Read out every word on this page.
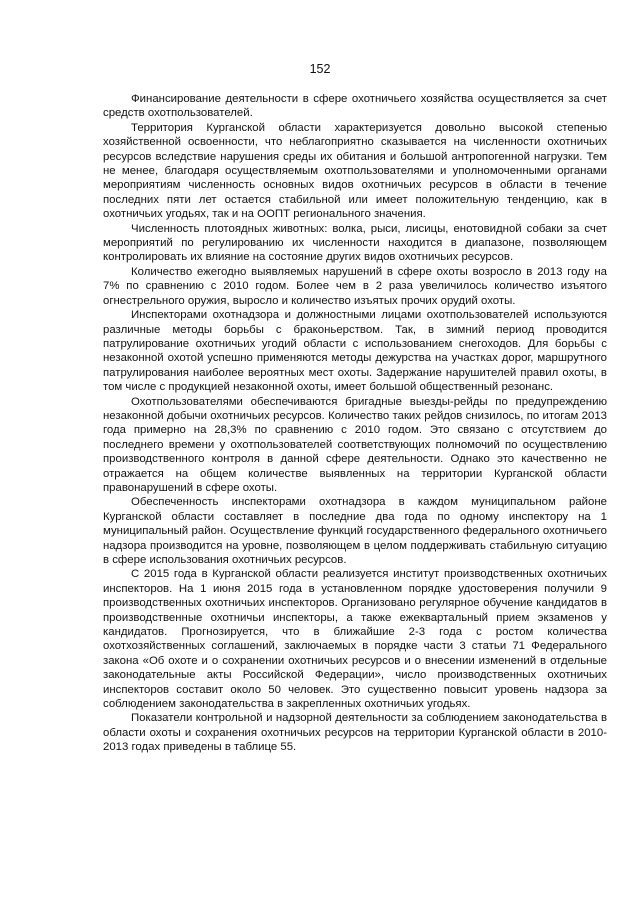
152

Финансирование деятельности в сфере охотничьего хозяйства осуществляется за счет средств охотпользователей.

Территория Курганской области характеризуется довольно высокой степенью хозяйственной освоенности, что неблагоприятно сказывается на численности охотничьих ресурсов вследствие нарушения среды их обитания и большой антропогенной нагрузки. Тем не менее, благодаря осуществляемым охотпользователями и уполномоченными органами мероприятиям численность основных видов охотничьих ресурсов в области в течение последних пяти лет остается стабильной или имеет положительную тенденцию, как в охотничьих угодьях, так и на ООПТ регионального значения.

Численность плотоядных животных: волка, рыси, лисицы, енотовидной собаки за счет мероприятий по регулированию их численности находится в диапазоне, позволяющем контролировать их влияние на состояние других видов охотничьих ресурсов.

Количество ежегодно выявляемых нарушений в сфере охоты возросло в 2013 году на 7% по сравнению с 2010 годом. Более чем в 2 раза увеличилось количество изъятого огнестрельного оружия, выросло и количество изъятых прочих орудий охоты.

Инспекторами охотнадзора и должностными лицами охотпользователей используются различные методы борьбы с браконьерством. Так, в зимний период проводится патрулирование охотничьих угодий области с использованием снегоходов. Для борьбы с незаконной охотой успешно применяются методы дежурства на участках дорог, маршрутного патрулирования наиболее вероятных мест охоты. Задержание нарушителей правил охоты, в том числе с продукцией незаконной охоты, имеет большой общественный резонанс.

Охотпользователями обеспечиваются бригадные выезды-рейды по предупреждению незаконной добычи охотничьих ресурсов. Количество таких рейдов снизилось, по итогам 2013 года примерно на 28,3% по сравнению с 2010 годом. Это связано с отсутствием до последнего времени у охотпользователей соответствующих полномочий по осуществлению производственного контроля в данной сфере деятельности. Однако это качественно не отражается на общем количестве выявленных на территории Курганской области правонарушений в сфере охоты.

Обеспеченность инспекторами охотнадзора в каждом муниципальном районе Курганской области составляет в последние два года по одному инспектору на 1 муниципальный район. Осуществление функций государственного федерального охотничьего надзора производится на уровне, позволяющем в целом поддерживать стабильную ситуацию в сфере использования охотничьих ресурсов.

С 2015 года в Курганской области реализуется институт производственных охотничьих инспекторов. На 1 июня 2015 года в установленном порядке удостоверения получили 9 производственных охотничьих инспекторов. Организовано регулярное обучение кандидатов в производственные охотничьи инспекторы, а также ежеквартальный прием экзаменов у кандидатов. Прогнозируется, что в ближайшие 2-3 года с ростом количества охотхозяйственных соглашений, заключаемых в порядке части 3 статьи 71 Федерального закона «Об охоте и о сохранении охотничьих ресурсов и о внесении изменений в отдельные законодательные акты Российской Федерации», число производственных охотничьих инспекторов составит около 50 человек. Это существенно повысит уровень надзора за соблюдением законодательства в закрепленных охотничьих угодьях.

Показатели контрольной и надзорной деятельности за соблюдением законодательства в области охоты и сохранения охотничьих ресурсов на территории Курганской области в 2010-2013 годах приведены в таблице 55.
